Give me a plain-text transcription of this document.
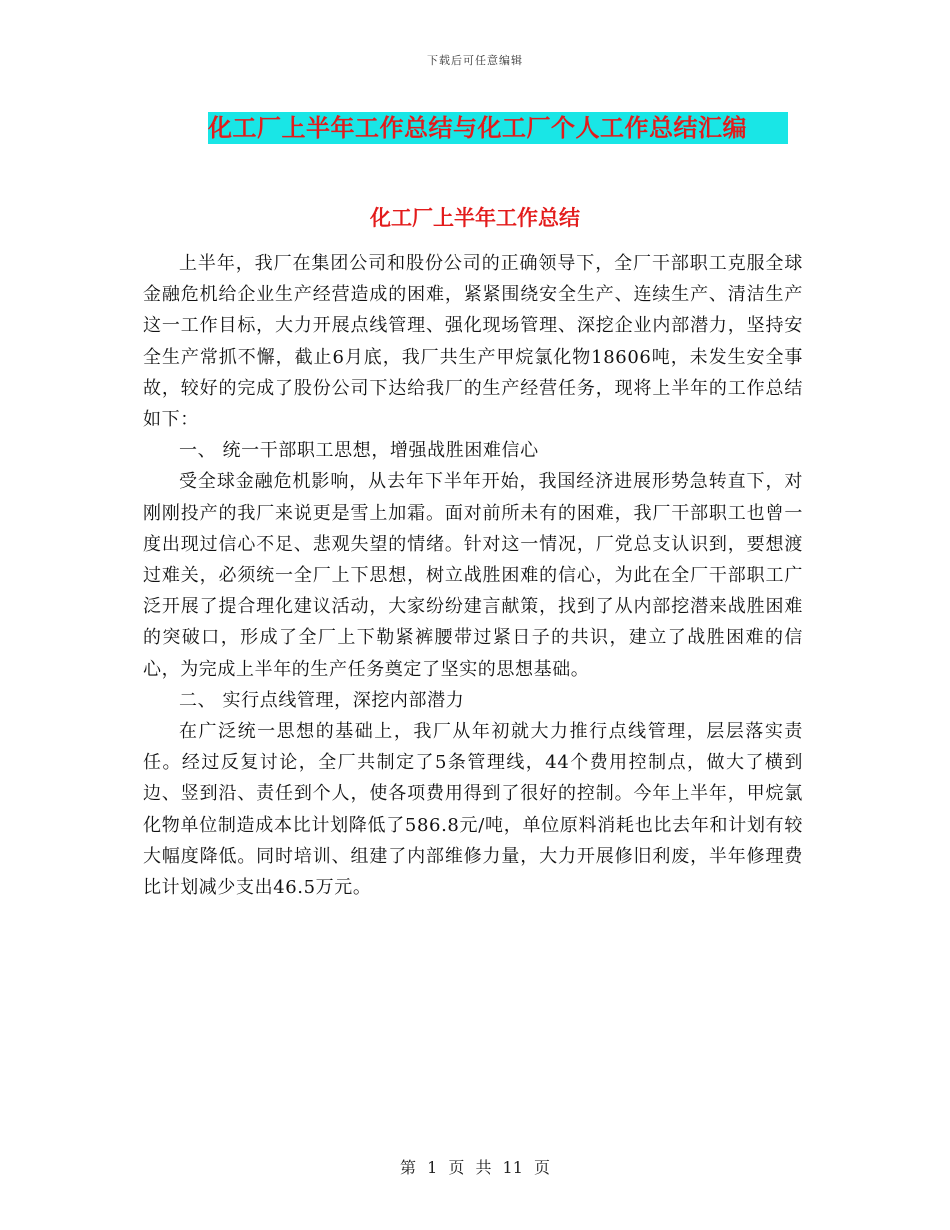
下载后可任意编辑
化工厂上半年工作总结与化工厂个人工作总结汇编
化工厂上半年工作总结

上半年，我厂在集团公司和股份公司的正确领导下，全厂干部职工克服全球金融危机给企业生产经营造成的困难，紧紧围绕安全生产、连续生产、清洁生产这一工作目标，大力开展点线管理、强化现场管理、深挖企业内部潜力，坚持安全生产常抓不懈，截止6月底，我厂共生产甲烷氯化物18606吨，未发生安全事故，较好的完成了股份公司下达给我厂的生产经营任务，现将上半年的工作总结如下：

一、 统一干部职工思想，增强战胜困难信心

受全球金融危机影响，从去年下半年开始，我国经济进展形势急转直下，对刚刚投产的我厂来说更是雪上加霜。面对前所未有的困难，我厂干部职工也曾一度出现过信心不足、悲观失望的情绪。针对这一情况，厂党总支认识到，要想渡过难关，必须统一全厂上下思想，树立战胜困难的信心，为此在全厂干部职工广泛开展了提合理化建议活动，大家纷纷建言献策，找到了从内部挖潜来战胜困难的突破口，形成了全厂上下勒紧裤腰带过紧日子的共识，建立了战胜困难的信心，为完成上半年的生产任务奠定了坚实的思想基础。

二、 实行点线管理，深挖内部潜力

在广泛统一思想的基础上，我厂从年初就大力推行点线管理，层层落实责任。经过反复讨论，全厂共制定了5条管理线，44个费用控制点，做大了横到边、竖到沿、责任到个人，使各项费用得到了很好的控制。今年上半年，甲烷氯化物单位制造成本比计划降低了586.8元/吨，单位原料消耗也比去年和计划有较大幅度降低。同时培训、组建了内部维修力量，大力开展修旧利废，半年修理费比计划减少支出46.5万元。

第 1 页 共 11 页
